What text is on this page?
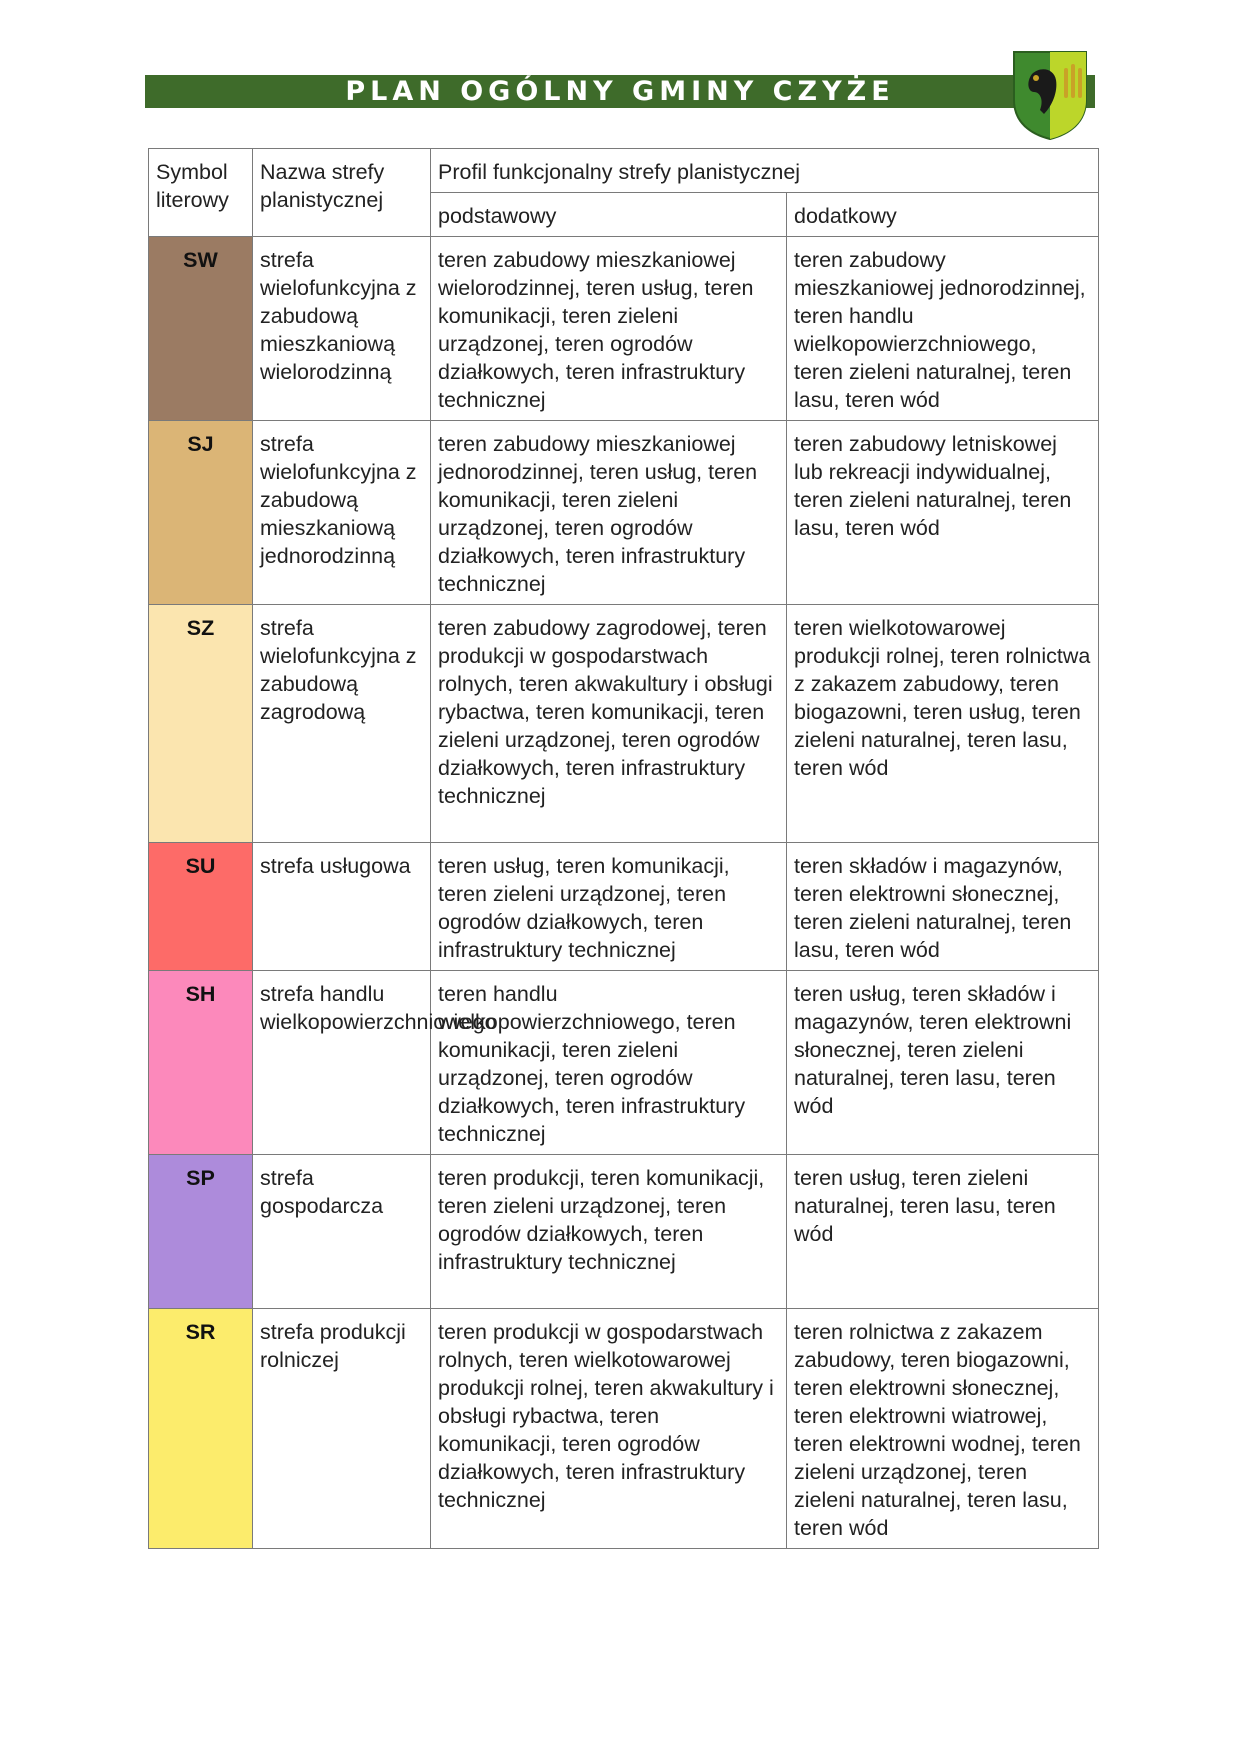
PLAN OGÓLNY GMINY CZYŻE
Symbol literowy	Nazwa strefy planistycznej	Profil funkcjonalny strefy planistycznej	
		podstawowy	dodatkowy
SW	strefa wielofunkcyjna z zabudową mieszkaniową wielorodzinną	teren zabudowy mieszkaniowej wielorodzinnej, teren usług, teren komunikacji, teren zieleni urządzonej, teren ogrodów działkowych, teren infrastruktury technicznej	teren zabudowy mieszkaniowej jednorodzinnej, teren handlu wielkopowierzchniowego, teren zieleni naturalnej, teren lasu, teren wód
SJ	strefa wielofunkcyjna z zabudową mieszkaniową jednorodzinną	teren zabudowy mieszkaniowej jednorodzinnej, teren usług, teren komunikacji, teren zieleni urządzonej, teren ogrodów działkowych, teren infrastruktury technicznej	teren zabudowy letniskowej lub rekreacji indywidualnej, teren zieleni naturalnej, teren lasu, teren wód
SZ	strefa wielofunkcyjna z zabudową zagrodową	teren zabudowy zagrodowej, teren produkcji w gospodarstwach rolnych, teren akwakultury i obsługi rybactwa, teren komunikacji, teren zieleni urządzonej, teren ogrodów działkowych, teren infrastruktury technicznej	teren wielkotowarowej produkcji rolnej, teren rolnictwa z zakazem zabudowy, teren biogazowni, teren usług, teren zieleni naturalnej, teren lasu, teren wód
SU	strefa usługowa	teren usług, teren komunikacji, teren zieleni urządzonej, teren ogrodów działkowych, teren infrastruktury technicznej	teren składów i magazynów, teren elektrowni słonecznej, teren zieleni naturalnej, teren lasu, teren wód
SH	strefa handlu wielkopowierzchniowego	teren handlu wielkopowierzchniowego, teren komunikacji, teren zieleni urządzonej, teren ogrodów działkowych, teren infrastruktury technicznej	teren usług, teren składów i magazynów, teren elektrowni słonecznej, teren zieleni naturalnej, teren lasu, teren wód
SP	strefa gospodarcza	teren produkcji, teren komunikacji, teren zieleni urządzonej, teren ogrodów działkowych, teren infrastruktury technicznej	teren usług, teren zieleni naturalnej, teren lasu, teren wód
SR	strefa produkcji rolniczej	teren produkcji w gospodarstwach rolnych, teren wielkotowarowej produkcji rolnej, teren akwakultury i obsługi rybactwa, teren komunikacji, teren ogrodów działkowych, teren infrastruktury technicznej	teren rolnictwa z zakazem zabudowy, teren biogazowni, teren elektrowni słonecznej, teren elektrowni wiatrowej, teren elektrowni wodnej, teren zieleni urządzonej, teren zieleni naturalnej, teren lasu, teren wód
